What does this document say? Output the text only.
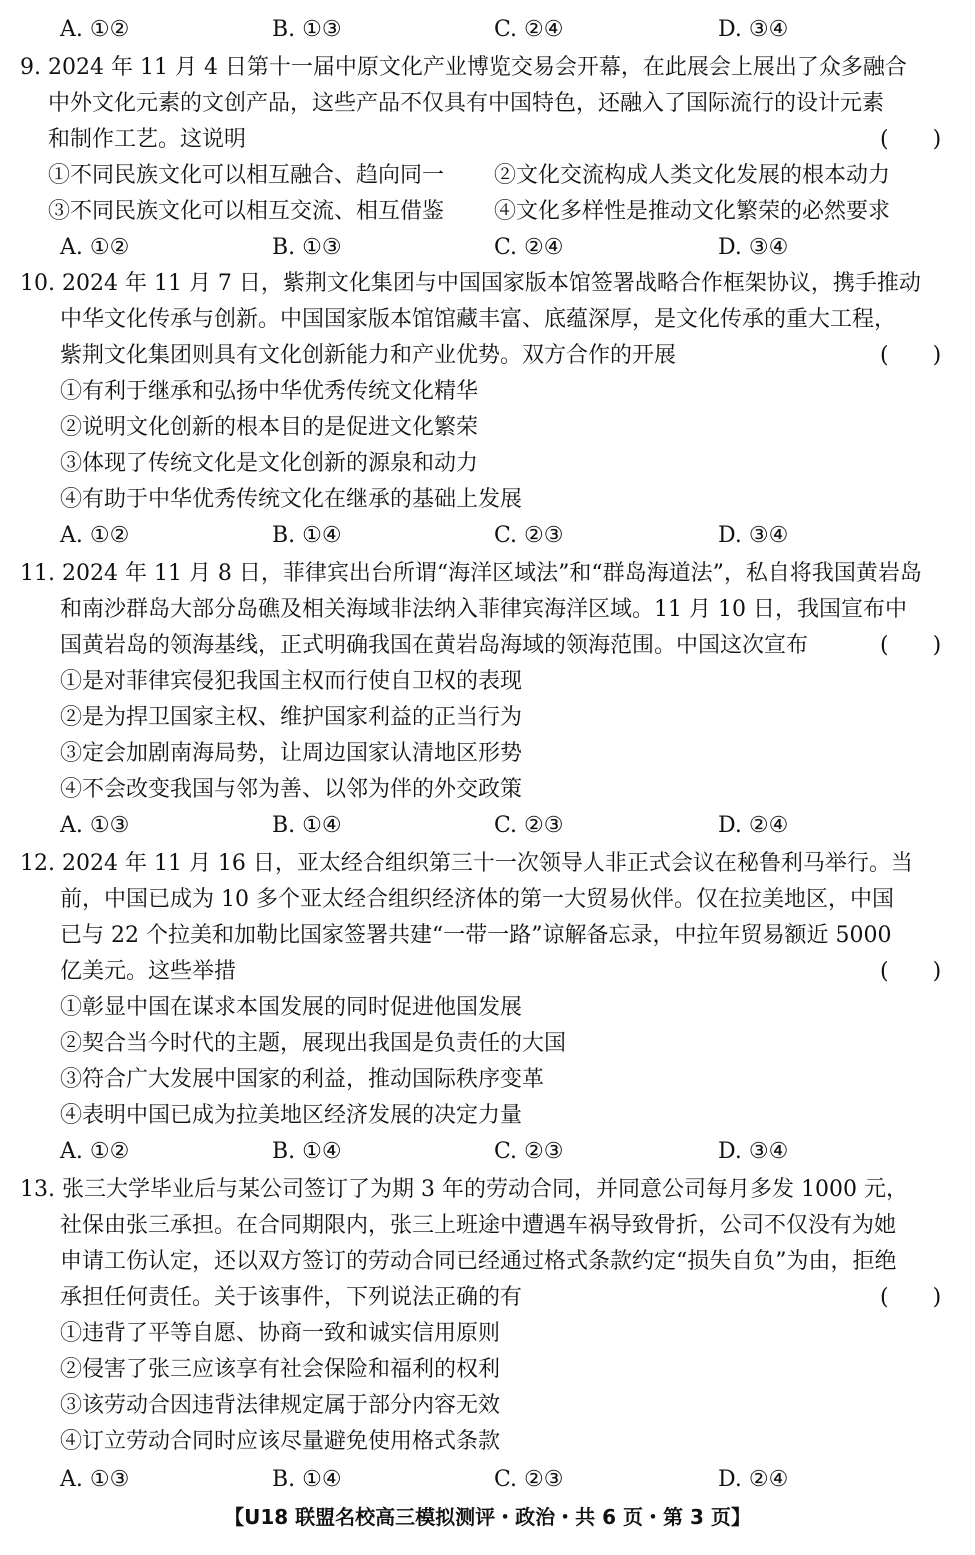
A. ①②	B. ①③	C. ②④	D. ③④
9. 2024 年 11 月 4 日第十一届中原文化产业博览交易会开幕，在此展会上展出了众多融合
中外文化元素的文创产品，这些产品不仅具有中国特色，还融入了国际流行的设计元素
和制作工艺。这说明	(　　)
①不同民族文化可以相互融合、趋向同一 ②文化交流构成人类文化发展的根本动力
③不同民族文化可以相互交流、相互借鉴 ④文化多样性是推动文化繁荣的必然要求
A. ①②	B. ①③	C. ②④	D. ③④
10. 2024 年 11 月 7 日，紫荆文化集团与中国国家版本馆签署战略合作框架协议，携手推动
中华文化传承与创新。中国国家版本馆馆藏丰富、底蕴深厚，是文化传承的重大工程，
紫荆文化集团则具有文化创新能力和产业优势。双方合作的开展	(　　)
①有利于继承和弘扬中华优秀传统文化精华
②说明文化创新的根本目的是促进文化繁荣
③体现了传统文化是文化创新的源泉和动力
④有助于中华优秀传统文化在继承的基础上发展
A. ①②	B. ①④	C. ②③	D. ③④
11. 2024 年 11 月 8 日，菲律宾出台所谓“海洋区域法”和“群岛海道法”，私自将我国黄岩岛
和南沙群岛大部分岛礁及相关海域非法纳入菲律宾海洋区域。11 月 10 日，我国宣布中
国黄岩岛的领海基线，正式明确我国在黄岩岛海域的领海范围。中国这次宣布	(　　)
①是对菲律宾侵犯我国主权而行使自卫权的表现
②是为捍卫国家主权、维护国家利益的正当行为
③定会加剧南海局势，让周边国家认清地区形势
④不会改变我国与邻为善、以邻为伴的外交政策
A. ①③	B. ①④	C. ②③	D. ②④
12. 2024 年 11 月 16 日，亚太经合组织第三十一次领导人非正式会议在秘鲁利马举行。当
前，中国已成为 10 多个亚太经合组织经济体的第一大贸易伙伴。仅在拉美地区，中国
已与 22 个拉美和加勒比国家签署共建“一带一路”谅解备忘录，中拉年贸易额近 5000
亿美元。这些举措	(　　)
①彰显中国在谋求本国发展的同时促进他国发展
②契合当今时代的主题，展现出我国是负责任的大国
③符合广大发展中国家的利益，推动国际秩序变革
④表明中国已成为拉美地区经济发展的决定力量
A. ①②	B. ①④	C. ②③	D. ③④
13. 张三大学毕业后与某公司签订了为期 3 年的劳动合同，并同意公司每月多发 1000 元，
社保由张三承担。在合同期限内，张三上班途中遭遇车祸导致骨折，公司不仅没有为她
申请工伤认定，还以双方签订的劳动合同已经通过格式条款约定“损失自负”为由，拒绝
承担任何责任。关于该事件，下列说法正确的有	(　　)
①违背了平等自愿、协商一致和诚实信用原则
②侵害了张三应该享有社会保险和福利的权利
③该劳动合因违背法律规定属于部分内容无效
④订立劳动合同时应该尽量避免使用格式条款
A. ①③	B. ①④	C. ②③	D. ②④
【U18 联盟名校高三模拟测评・政治・共 6 页・第 3 页】
